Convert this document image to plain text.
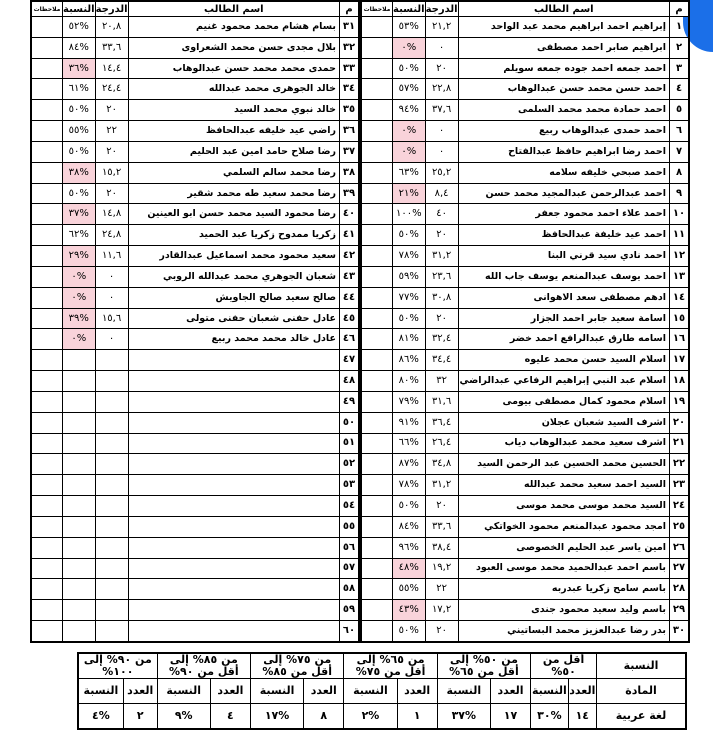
م	اسم الطالب	الدرجة	النسبة	ملاحظات
٣١	بسام هشام محمد محمود غنيم	٢٠,٨	%٥٢	
٣٢	بلال مجدى حسن محمد الشعراوى	٣٣,٦	%٨٤	
٣٣	حمدى محمد محمد حسن عبدالوهاب	١٤,٤	%٣٦	
٣٤	خالد الجوهرى محمد عبدالله	٢٤,٤	%٦١	
٣٥	خالد نبوي محمد السيد	٢٠	%٥٠	
٣٦	راضي عيد خليفه عبدالحافظ	٢٢	%٥٥	
٣٧	رضا صلاح حامد امين عبد الحليم	٢٠	%٥٠	
٣٨	رضا محمد سالم السلمي	١٥,٢	%٣٨	
٣٩	رضا محمد سعيد طه محمد شقير	٢٠	%٥٠	
٤٠	رضا محمود السيد محمد حسن ابو العينين	١٤,٨	%٣٧	
٤١	زكريا ممدوح زكريا عبد الحميد	٢٤,٨	%٦٢	
٤٢	سعيد محمود محمد اسماعيل عبدالقادر	١١,٦	%٢٩	
٤٣	شعبان الجوهري محمد عبدالله الروبي	٠	%٠	
٤٤	صالح سعيد صالح الجاويش	٠	%٠	
٤٥	عادل حفنى شعبان حفنى متولى	١٥,٦	%٣٩	
٤٦	عادل خالد محمد محمد ربيع	٠	%٠	
٤٧				
٤٨				
٤٩				
٥٠				
٥١				
٥٢				
٥٣				
٥٤				
٥٥				
٥٦				
٥٧				
٥٨				
٥٩				
٦٠				
م	اسم الطالب	الدرجة	النسبة	ملاحظات
١	إبراهيم احمد ابراهيم محمد عبد الواحد	٢١,٢	%٥٣	
٢	ابراهيم صابر احمد مصطفى	٠	%٠	
٣	احمد جمعه احمد جوده جمعه سويلم	٢٠	%٥٠	
٤	احمد حسن محمد حسن عبدالوهاب	٢٢,٨	%٥٧	
٥	احمد حمادة محمد محمد السلمى	٣٧,٦	%٩٤	
٦	احمد حمدى عبدالوهاب ربيع	٠	%٠	
٧	احمد رضا ابراهيم حافظ عبدالفتاح	٠	%٠	
٨	احمد صبحي خليفه سلامه	٢٥,٢	%٦٣	
٩	احمد عبدالرحمن عبدالمجيد محمد حسن	٨,٤	%٢١	
١٠	احمد علاء احمد محمود جعفر	٤٠	%١٠٠	
١١	احمد عيد خليفة عبدالحافظ	٢٠	%٥٠	
١٢	احمد نادي سيد قرني البنا	٣١,٢	%٧٨	
١٣	احمد يوسف عبدالمنعم يوسف جاب الله	٢٣,٦	%٥٩	
١٤	ادهم مصطفى سعد الاهوانى	٣٠,٨	%٧٧	
١٥	اسامة سعيد جابر احمد الجزار	٢٠	%٥٠	
١٦	اسامه طارق عبدالرافع احمد خضر	٣٢,٤	%٨١	
١٧	اسلام السيد حسن محمد عليوه	٣٤,٤	%٨٦	
١٨	اسلام عبد النبي إبراهيم الرفاعي عبدالراضي	٣٢	%٨٠	
١٩	اسلام محمود كمال مصطفى بيومى	٣١,٦	%٧٩	
٢٠	اشرف السيد شعبان عجلان	٣٦,٤	%٩١	
٢١	اشرف سعيد محمد عبدالوهاب دياب	٢٦,٤	%٦٦	
٢٢	الحسين محمد الحسين عبد الرحمن السيد	٣٤,٨	%٨٧	
٢٣	السيد احمد سعيد محمد عبدالله	٣١,٢	%٧٨	
٢٤	السيد محمد موسى محمد موسى	٢٠	%٥٠	
٢٥	امجد محمود عبدالمنعم محمود الخواتكي	٣٣,٦	%٨٤	
٢٦	امين ياسر عبد الحليم الخصوصى	٣٨,٤	%٩٦	
٢٧	باسم احمد عبدالحميد محمد موسى العبود	١٩,٢	%٤٨	
٢٨	باسم سامح زكريا عبدربه	٢٢	%٥٥	
٢٩	باسم وليد سعيد محمود جندى	١٧,٢	%٤٣	
٣٠	بدر رضا عبدالعزيز محمد البساتيني	٢٠	%٥٠	
النسبة	أقل من ٥٠%		من ٥٠% إلى أقل من ٦٥%		من ٦٥% إلى أقل من ٧٥%		من ٧٥% إلى أقل من ٨٥%		من ٨٥% إلى أقل من ٩٠%		من ٩٠% إلى ١٠٠%	
المادة	العدد	النسبة	العدد	النسبة	العدد	النسبة	العدد	النسبة	العدد	النسبة	العدد	النسبة
لغة عربية	١٤	%٣٠	١٧	%٣٧	١	%٢	٨	%١٧	٤	%٩	٢	%٤
